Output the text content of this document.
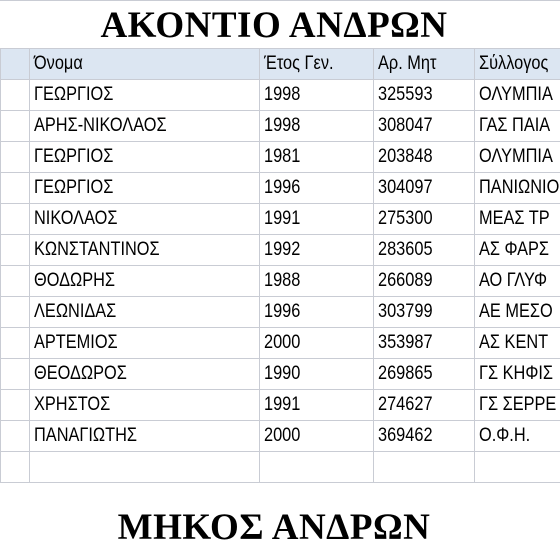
ΑΚΟΝΤΙΟ ΑΝΔΡΩΝ
	Όνομα	Έτος Γεν.	Αρ. Μητ	Σύλλογος
	ΓΕΩΡΓΙΟΣ	1998	325593	ΟΛΥΜΠΙΑ
	ΑΡΗΣ-ΝΙΚΟΛΑΟΣ	1998	308047	ΓΑΣ ΠΑΙΑ
	ΓΕΩΡΓΙΟΣ	1981	203848	ΟΛΥΜΠΙΑ
	ΓΕΩΡΓΙΟΣ	1996	304097	ΠΑΝΙΩΝΙΟ
	ΝΙΚΟΛΑΟΣ	1991	275300	ΜΕΑΣ ΤΡ
	ΚΩΝΣΤΑΝΤΙΝΟΣ	1992	283605	ΑΣ ΦΑΡΣ
	ΘΟΔΩΡΗΣ	1988	266089	ΑΟ ΓΛΥΦ
	ΛΕΩΝΙΔΑΣ	1996	303799	ΑΕ ΜΕΣΟ
	ΑΡΤΕΜΙΟΣ	2000	353987	ΑΣ ΚΕΝΤ
	ΘΕΟΔΩΡΟΣ	1990	269865	ΓΣ ΚΗΦΙΣ
	ΧΡΗΣΤΟΣ	1991	274627	ΓΣ ΣΕΡΡΕ
	ΠΑΝΑΓΙΩΤΗΣ	2000	369462	Ο.Φ.Η.

ΜΗΚΟΣ ΑΝΔΡΩΝ
